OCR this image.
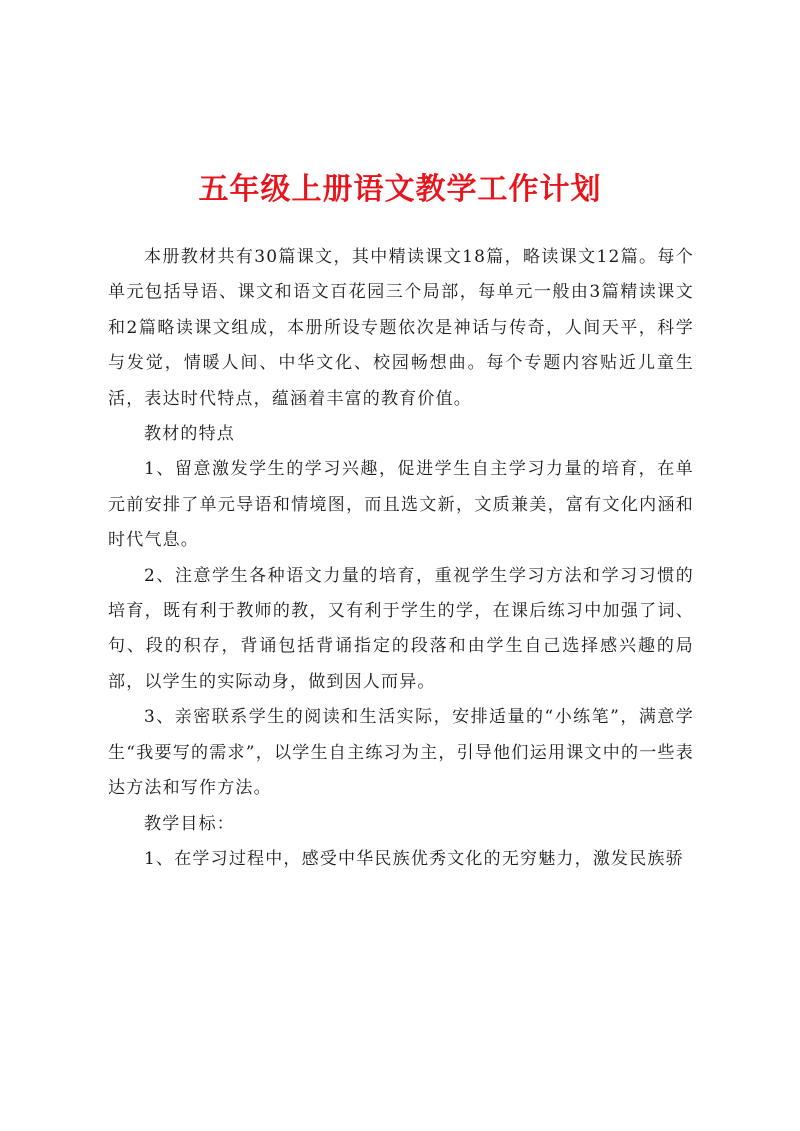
五年级上册语文教学工作计划

本册教材共有30篇课文，其中精读课文18篇，略读课文12篇。每个单元包括导语、课文和语文百花园三个局部，每单元一般由3篇精读课文和2篇略读课文组成，本册所设专题依次是神话与传奇，人间天平，科学与发觉，情暖人间、中华文化、校园畅想曲。每个专题内容贴近儿童生活，表达时代特点，蕴涵着丰富的教育价值。

教材的特点

1、留意激发学生的学习兴趣，促进学生自主学习力量的培育，在单元前安排了单元导语和情境图，而且选文新，文质兼美，富有文化内涵和时代气息。

2、注意学生各种语文力量的培育，重视学生学习方法和学习习惯的培育，既有利于教师的教，又有利于学生的学，在课后练习中加强了词、句、段的积存，背诵包括背诵指定的段落和由学生自己选择感兴趣的局部，以学生的实际动身，做到因人而异。

3、亲密联系学生的阅读和生活实际，安排适量的“小练笔”，满意学生“我要写的需求”，以学生自主练习为主，引导他们运用课文中的一些表达方法和写作方法。

教学目标：

1、在学习过程中，感受中华民族优秀文化的无穷魅力，激发民族骄
